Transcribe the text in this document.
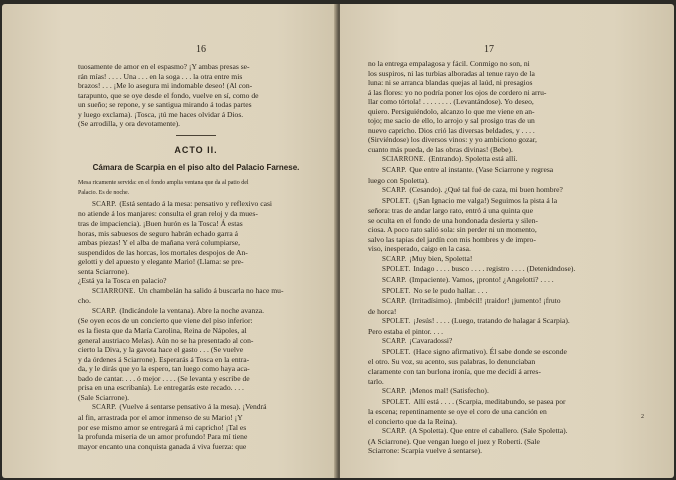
16
tuosamente de amor en el espasmo? ¡Y ambas presas se-
rán mías! . . . . Una . . . en la soga . . . la otra entre mis
brazos! . . . ¡Me lo asegura mi indomable deseo! (Al con-
tarapunto, que se oye desde el fondo, vuelve en sí, como de
un sueño; se repone, y se santigua mirando á todas partes
y luego exclama). ¡Tosca, ¡tú me haces olvidar á Dios.
(Se arrodilla, y ora devotamente).
ACTO II.
Cámara de Scarpia en el piso alto del Palacio Farnese.
Mesa ricamente servida: en el fondo amplia ventana que da al patio del
Palacio. Es de noche.
SCARP. (Está sentado á la mesa: pensativo y reflexivo casi
no atiende á los manjares: consulta el gran reloj y da mues-
tras de impaciencia). ¡Buen hurón es la Tosca! Á estas
horas, mis sabuesos de seguro habrán echado garra á
ambas piezas! Y el alba de mañana verá columpiarse,
suspendidos de las horcas, los mortales despojos de An-
gelotti y del apuesto y elegante Mario! (Llama: se pre-
senta Sciarrone).
¿Está ya la Tosca en palacio?
SCIARRONE. Un chambelán ha salido á buscarla no hace mu-
cho.
SCARP. (Indicándole la ventana). Abre la noche avanza.
(Se oyen ecos de un concierto que viene del piso inferior:
es la fiesta que da María Carolina, Reina de Nápoles, al
general austriaco Melas). Aún no se ha presentado al con-
cierto la Diva, y la gavota hace el gasto . . . (Se vuelve
y da órdenes á Sciarrone). Esperarás á Tosca en la entra-
da, y le dirás que yo la espero, tan luego como haya aca-
bado de cantar. . . . ó mejor . . . . (Se levanta y escribe de
prisa en una escribanía). Le entregarás este recado. . . .
(Sale Sciarrone).
SCARP. (Vuelve á sentarse pensativo á la mesa). ¡Vendrá
al fin, arrastrada por el amor inmenso de su Mario! ¡Y
por ese mismo amor se entregará á mi capricho! ¡Tal es
la profunda miseria de un amor profundo! Para mí tiene
mayor encanto una conquista ganada á viva fuerza: que
17
no la entrega empalagosa y fácil. Conmigo no son, ni
los suspiros, ni las turbias alboradas al tenue rayo de la
luna: ni se arranca blandas quejas al laúd, ni presagios
á las flores: yo no podría poner los ojos de cordero ni arru-
llar como tórtola! . . . . . . . . (Levantándose). Yo deseo,
quiero. Persiguiéndolo, alcanzo lo que me viene en an-
tojo; me sacio de ello, lo arrojo y sal prosigo tras de un
nuevo capricho. Dios crió las diversas beldades, y . . . .
(Sirviéndose) los diversos vinos: y yo ambiciono gozar,
cuanto más pueda, de las obras divinas! (Bebe).
SCIARRONE. (Entrando). Spoletta está allí.
SCARP. Que entre al instante. (Vase Sciarrone y regresa
luego con Spoletta).
SCARP. (Cesando). ¿Qué tal fué de caza, mi buen hombre?
SPOLET. (¡San Ignacio me valga!) Seguimos la pista á la
señora: tras de andar largo rato, entró á una quinta que
se oculta en el fondo de una hondonada desierta y silen-
ciosa. A poco rato salió sola: sin perder ni un momento,
salvo las tapias del jardín con mis hombres y de impro-
viso, inesperado, caigo en la casa.
SCARP. ¡Muy bien, Spoletta!
SPOLET. Indago . . . . busco . . . . registro . . . . (Detenidndose).
SCARP. (Impaciente). Vamos, ¡pronto! ¿Angelotti? . . . .
SPOLET. No se le pudo hallar. . . .
SCARP. (Irritadísimo). ¡Imbécil! ¡traidor! ¡jumento! ¡fruto
de horca!
SPOLET. ¡Jesús! . . . . (Luego, tratando de halagar á Scarpia).
Pero estaba el pintor. . . .
SCARP. ¡Cavaradossi?
SPOLET. (Hace signo afirmativo). Él sabe donde se esconde
el otro. Su voz, su acento, sus palabras, lo denunciaban
claramente con tan burlona ironía, que me decidí á arres-
tarlo.
SCARP. ¡Menos mal! (Satisfecho).
SPOLET. Allí está . . . . (Scarpia, meditabundo, se pasea por
la escena; repentinamente se oye el coro de una canción en
el concierto que da la Reina).
SCARP. (A Spoletta). Que entre el caballero. (Sale Spoletta).
(A Sciarrone). Que vengan luego el juez y Roberti. (Sale
Sciarrone: Scarpia vuelve á sentarse).
2
